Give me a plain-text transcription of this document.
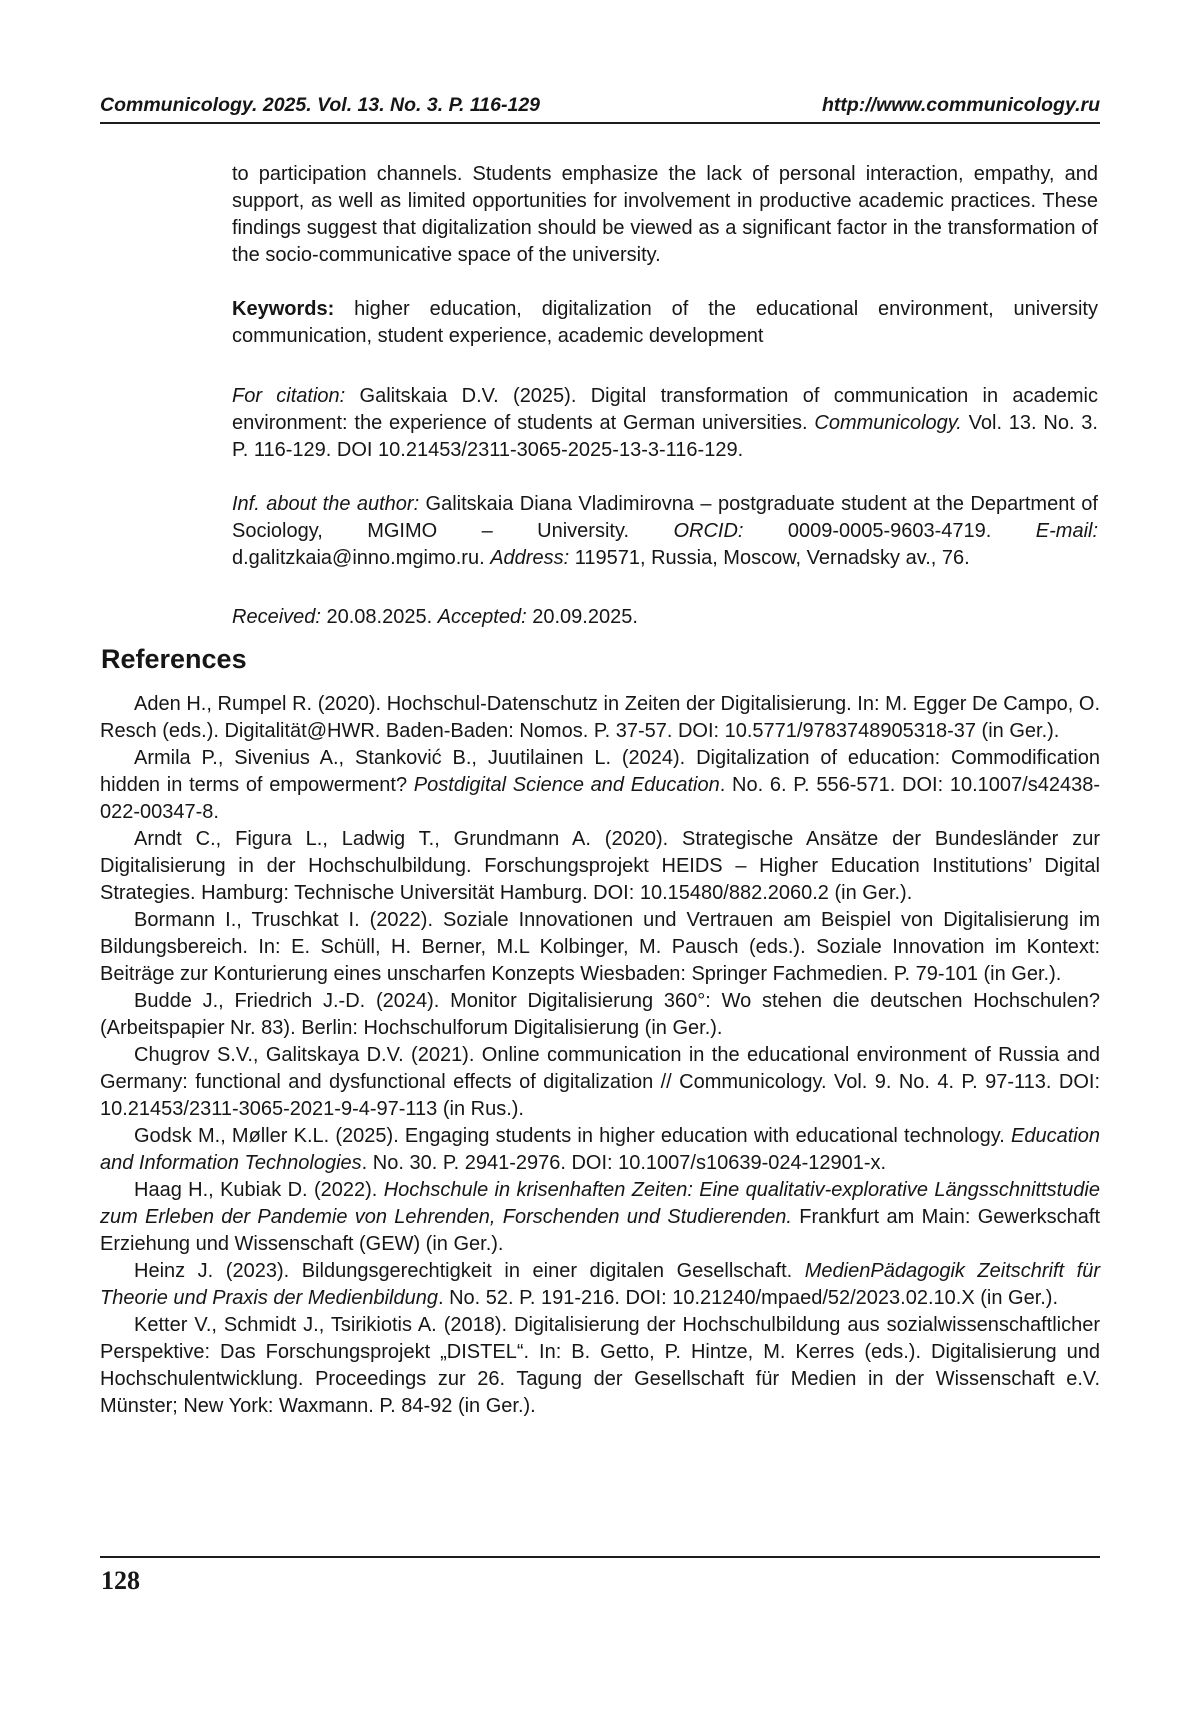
Communicology. 2025. Vol. 13. No. 3. P. 116-129	http://www.communicology.ru

to participation channels. Students emphasize the lack of personal interaction, empathy, and support, as well as limited opportunities for involvement in productive academic practices. These findings suggest that digitalization should be viewed as a significant factor in the transformation of the socio-communicative space of the university.

Keywords: higher education, digitalization of the educational environment, university communication, student experience, academic development

For citation: Galitskaia D.V. (2025). Digital transformation of communication in academic environment: the experience of students at German universities. Communicology. Vol. 13. No. 3. P. 116-129. DOI 10.21453/2311-3065-2025-13-3-116-129.

Inf. about the author: Galitskaia Diana Vladimirovna – postgraduate student at the Department of Sociology, MGIMO – University. ORCID: 0009-0005-9603-4719. E-mail: d.galitzkaia@inno.mgimo.ru. Address: 119571, Russia, Moscow, Vernadsky av., 76.

Received: 20.08.2025. Accepted: 20.09.2025.

References

Aden H., Rumpel R. (2020). Hochschul-Datenschutz in Zeiten der Digitalisierung. In: M. Egger De Campo, O. Resch (eds.). Digitalität@HWR. Baden-Baden: Nomos. P. 37-57. DOI: 10.5771/9783748905318-37 (in Ger.).

Armila P., Sivenius A., Stanković B., Juutilainen L. (2024). Digitalization of education: Commodification hidden in terms of empowerment? Postdigital Science and Education. No. 6. P. 556-571. DOI: 10.1007/s42438-022-00347-8.

Arndt C., Figura L., Ladwig T., Grundmann A. (2020). Strategische Ansätze der Bundesländer zur Digitalisierung in der Hochschulbildung. Forschungsprojekt HEIDS – Higher Education Institutions’ Digital Strategies. Hamburg: Technische Universität Hamburg. DOI: 10.15480/882.2060.2 (in Ger.).

Bormann I., Truschkat I. (2022). Soziale Innovationen und Vertrauen am Beispiel von Digitalisierung im Bildungsbereich. In: E. Schüll, H. Berner, M.L Kolbinger, M. Pausch (eds.). Soziale Innovation im Kontext: Beiträge zur Konturierung eines unscharfen Konzepts Wiesbaden: Springer Fachmedien. P. 79-101 (in Ger.).

Budde J., Friedrich J.-D. (2024). Monitor Digitalisierung 360°: Wo stehen die deutschen Hochschulen? (Arbeitspapier Nr. 83). Berlin: Hochschulforum Digitalisierung (in Ger.).

Chugrov S.V., Galitskaya D.V. (2021). Online communication in the educational environment of Russia and Germany: functional and dysfunctional effects of digitalization // Communicology. Vol. 9. No. 4. P. 97-113. DOI: 10.21453/2311-3065-2021-9-4-97-113 (in Rus.).

Godsk M., Møller K.L. (2025). Engaging students in higher education with educational technology. Education and Information Technologies. No. 30. P. 2941-2976. DOI: 10.1007/s10639-024-12901-x.

Haag H., Kubiak D. (2022). Hochschule in krisenhaften Zeiten: Eine qualitativ-explorative Längsschnittstudie zum Erleben der Pandemie von Lehrenden, Forschenden und Studierenden. Frankfurt am Main: Gewerkschaft Erziehung und Wissenschaft (GEW) (in Ger.).

Heinz J. (2023). Bildungsgerechtigkeit in einer digitalen Gesellschaft. MedienPädagogik Zeitschrift für Theorie und Praxis der Medienbildung. No. 52. P. 191-216. DOI: 10.21240/mpaed/52/2023.02.10.X (in Ger.).

Ketter V., Schmidt J., Tsirikiotis A. (2018). Digitalisierung der Hochschulbildung aus sozialwissenschaftlicher Perspektive: Das Forschungsprojekt „DISTEL“. In: B. Getto, P. Hintze, M. Kerres (eds.). Digitalisierung und Hochschulentwicklung. Proceedings zur 26. Tagung der Gesellschaft für Medien in der Wissenschaft e.V. Münster; New York: Waxmann. P. 84-92 (in Ger.).

128
